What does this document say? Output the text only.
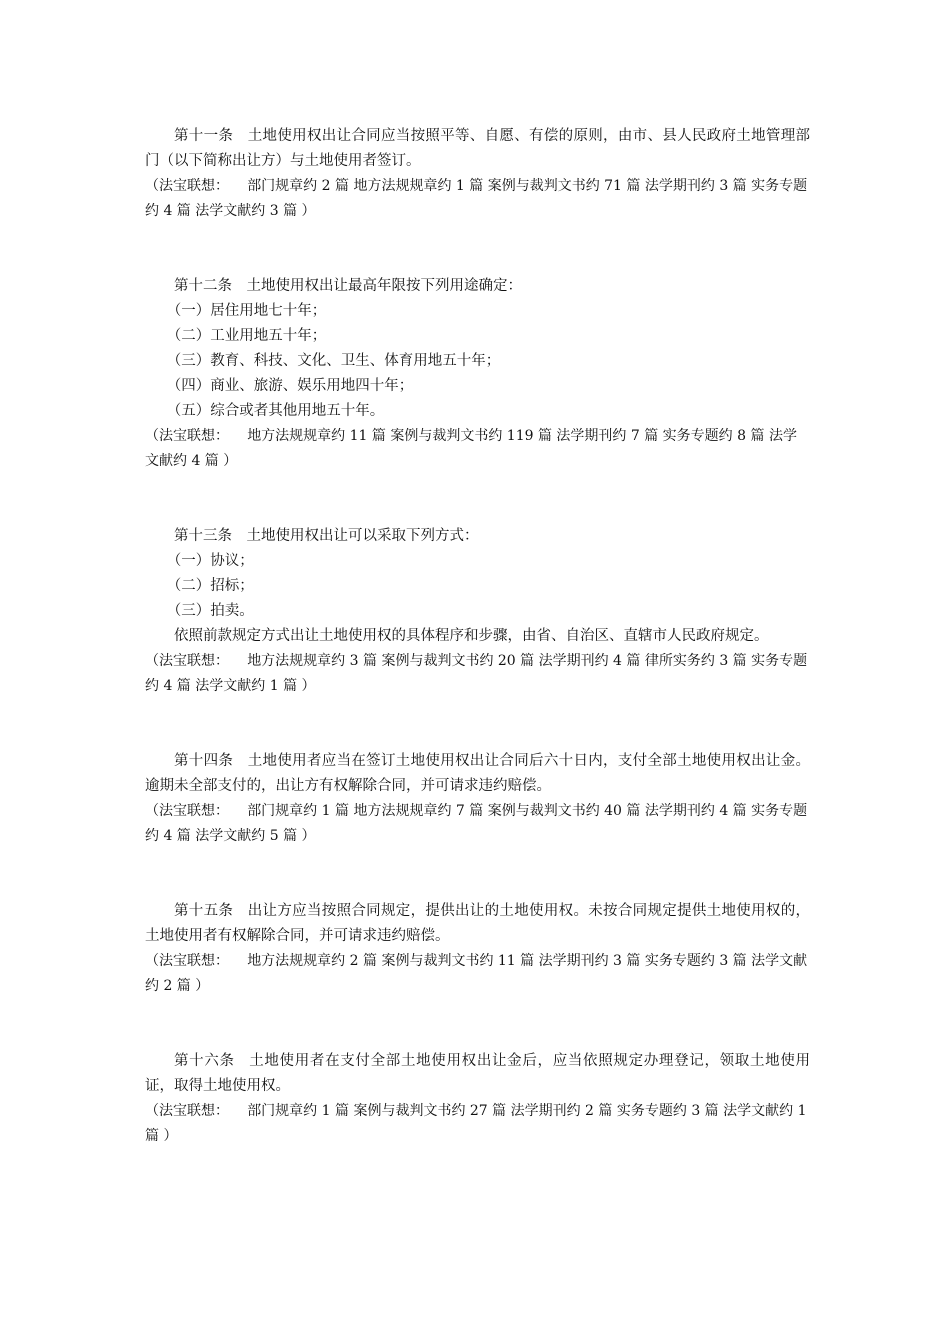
第十一条 土地使用权出让合同应当按照平等、自愿、有偿的原则，由市、县人民政府土地管理部门（以下简称出让方）与土地使用者签订。

（法宝联想： 部门规章约 2 篇 地方法规规章约 1 篇 案例与裁判文书约 71 篇 法学期刊约 3 篇 实务专题约 4 篇 法学文献约 3 篇 ）

第十二条 土地使用权出让最高年限按下列用途确定：

（一）居住用地七十年；

（二）工业用地五十年；

（三）教育、科技、文化、卫生、体育用地五十年；

（四）商业、旅游、娱乐用地四十年；

（五）综合或者其他用地五十年。

（法宝联想： 地方法规规章约 11 篇 案例与裁判文书约 119 篇 法学期刊约 7 篇 实务专题约 8 篇 法学文献约 4 篇 ）

第十三条 土地使用权出让可以采取下列方式：

（一）协议；

（二）招标；

（三）拍卖。

依照前款规定方式出让土地使用权的具体程序和步骤，由省、自治区、直辖市人民政府规定。

（法宝联想： 地方法规规章约 3 篇 案例与裁判文书约 20 篇 法学期刊约 4 篇 律所实务约 3 篇 实务专题约 4 篇 法学文献约 1 篇 ）

第十四条 土地使用者应当在签订土地使用权出让合同后六十日内，支付全部土地使用权出让金。逾期未全部支付的，出让方有权解除合同，并可请求违约赔偿。

（法宝联想： 部门规章约 1 篇 地方法规规章约 7 篇 案例与裁判文书约 40 篇 法学期刊约 4 篇 实务专题约 4 篇 法学文献约 5 篇 ）

第十五条 出让方应当按照合同规定，提供出让的土地使用权。未按合同规定提供土地使用权的，土地使用者有权解除合同，并可请求违约赔偿。

（法宝联想： 地方法规规章约 2 篇 案例与裁判文书约 11 篇 法学期刊约 3 篇 实务专题约 3 篇 法学文献约 2 篇 ）

第十六条 土地使用者在支付全部土地使用权出让金后，应当依照规定办理登记，领取土地使用证，取得土地使用权。

（法宝联想： 部门规章约 1 篇 案例与裁判文书约 27 篇 法学期刊约 2 篇 实务专题约 3 篇 法学文献约 1 篇 ）
